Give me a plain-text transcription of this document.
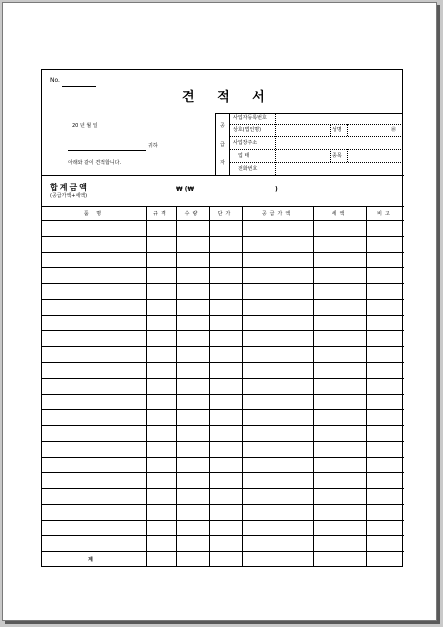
No.
견 적 서
20 년 월 일
귀하
아래와 같이 견적합니다.
공
급
자
사업자등록번호
상호(법인명)	성명	㊞
사업장주소
업 태	종목
전화번호
합계금액
(공급가액+세액)
₩ (₩	)
품 명	규격	수량	단가	공급가액	세액	비고
계
